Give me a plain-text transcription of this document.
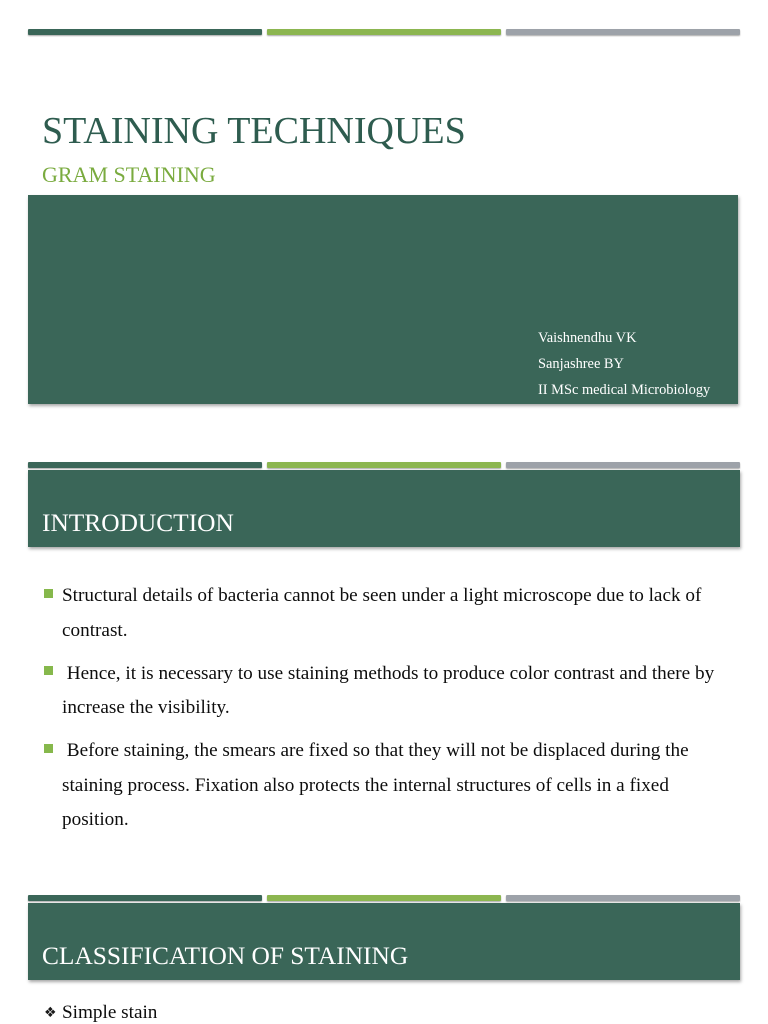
STAINING TECHNIQUES
GRAM STAINING
Vaishnendhu VK
Sanjashree BY
II MSc medical Microbiology
INTRODUCTION
Structural details of bacteria cannot be seen under a light microscope due to lack of contrast.
Hence, it is necessary to use staining methods to produce color contrast and there by increase the visibility.
Before staining, the smears are fixed so that they will not be displaced during the staining process. Fixation also protects the internal structures of cells in a fixed position.
CLASSIFICATION OF STAINING
❖ Simple stain
